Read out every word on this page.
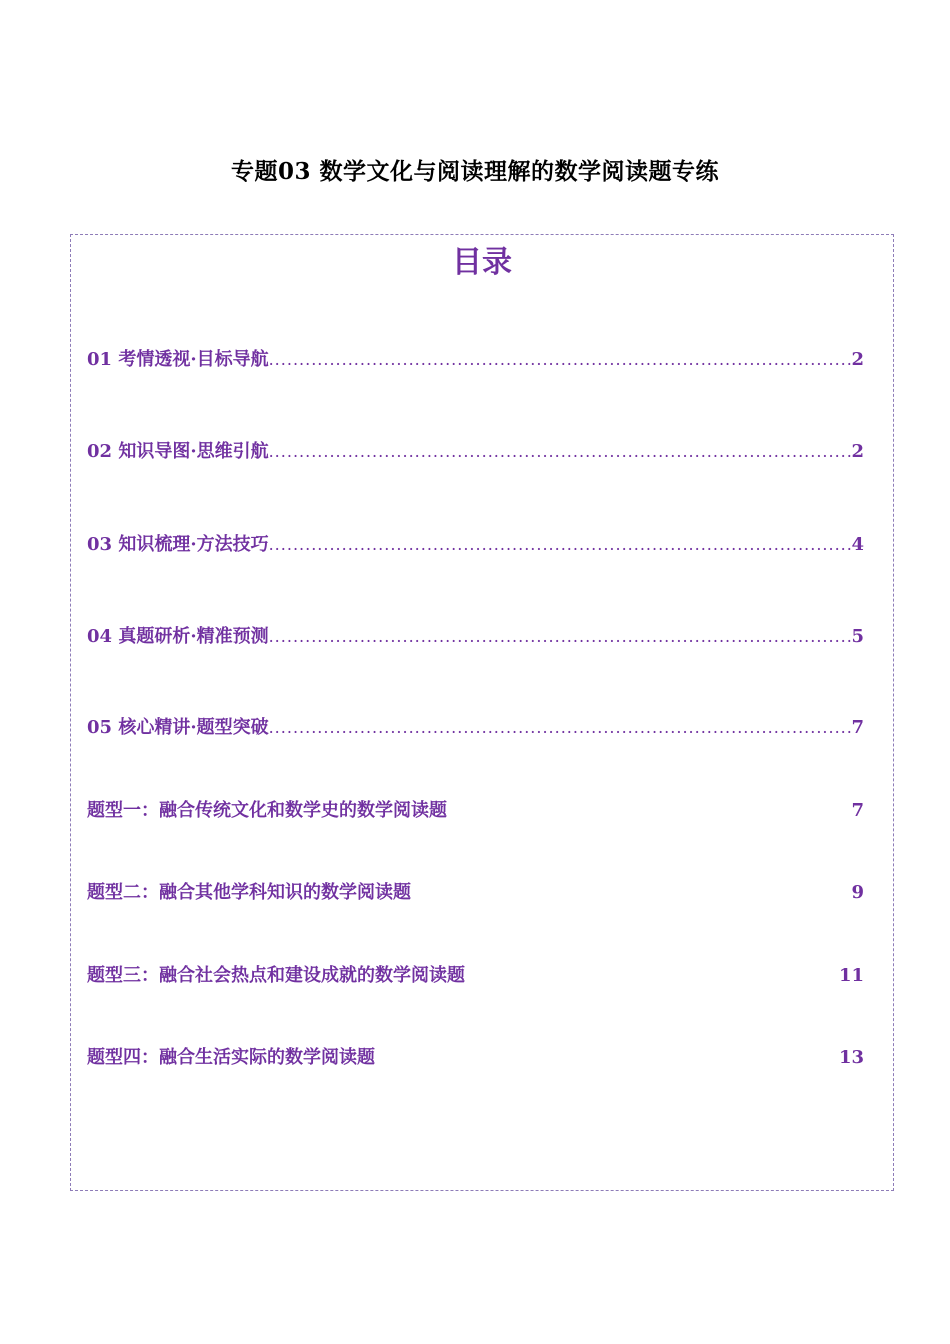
专题03 数学文化与阅读理解的数学阅读题专练
目录
01 考情透视·目标导航 .....	2
02 知识导图·思维引航 .....	2
03 知识梳理·方法技巧 .....	4
04 真题研析·精准预测 .....	5
05 核心精讲·题型突破 .....	7
题型一：融合传统文化和数学史的数学阅读题	7
题型二：融合其他学科知识的数学阅读题	9
题型三：融合社会热点和建设成就的数学阅读题	11
题型四：融合生活实际的数学阅读题	13
